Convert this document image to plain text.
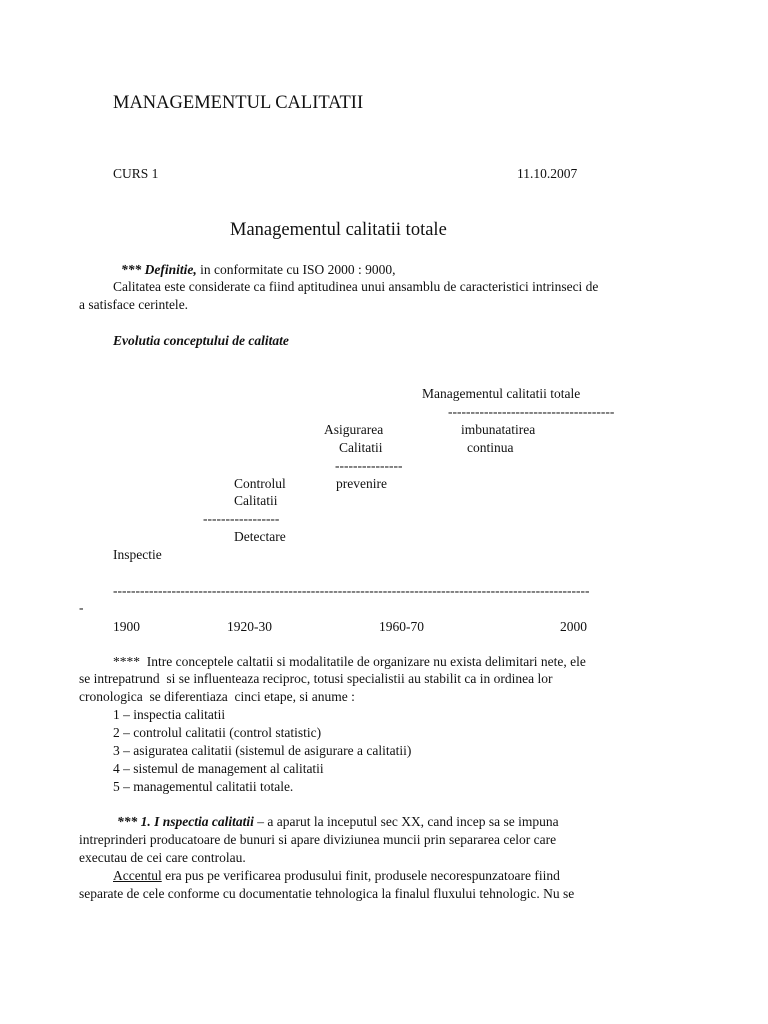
MANAGEMENTUL CALITATII
CURS 1	11.10.2007
Managementul calitatii totale
*** Definitie, in conformitate cu ISO 2000 : 9000,
Calitatea este considerate ca fiind aptitudinea unui ansamblu de caracteristici intrinseci de
a satisface cerintele.
Evolutia conceptului de calitate
Managementul calitatii totale
-------------------------------------
Asigurarea
Calitatii
imbunatatirea
continua
---------------
Controlul
Calitatii
prevenire
-----------------
Detectare
Inspectie
----------------------------------------------------------------------------------------------------------
-
1900	1920-30	1960-70	2000
****  Intre conceptele caltatii si modalitatile de organizare nu exista delimitari nete, ele
se intrepatrund  si se influenteaza reciproc, totusi specialistii au stabilit ca in ordinea lor
cronologica  se diferentiaza  cinci etape, si anume :
1 – inspectia calitatii
2 – controlul calitatii (control statistic)
3 – asiguratea calitatii (sistemul de asigurare a calitatii)
4 – sistemul de management al calitatii
5 – managementul calitatii totale.
*** 1. I nspectia calitatii – a aparut la inceputul sec XX, cand incep sa se impuna
intreprinderi producatoare de bunuri si apare diviziunea muncii prin separarea celor care
executau de cei care controlau.
Accentul era pus pe verificarea produsului finit, produsele necorespunzatoare fiind
separate de cele conforme cu documentatie tehnologica la finalul fluxului tehnologic. Nu se
